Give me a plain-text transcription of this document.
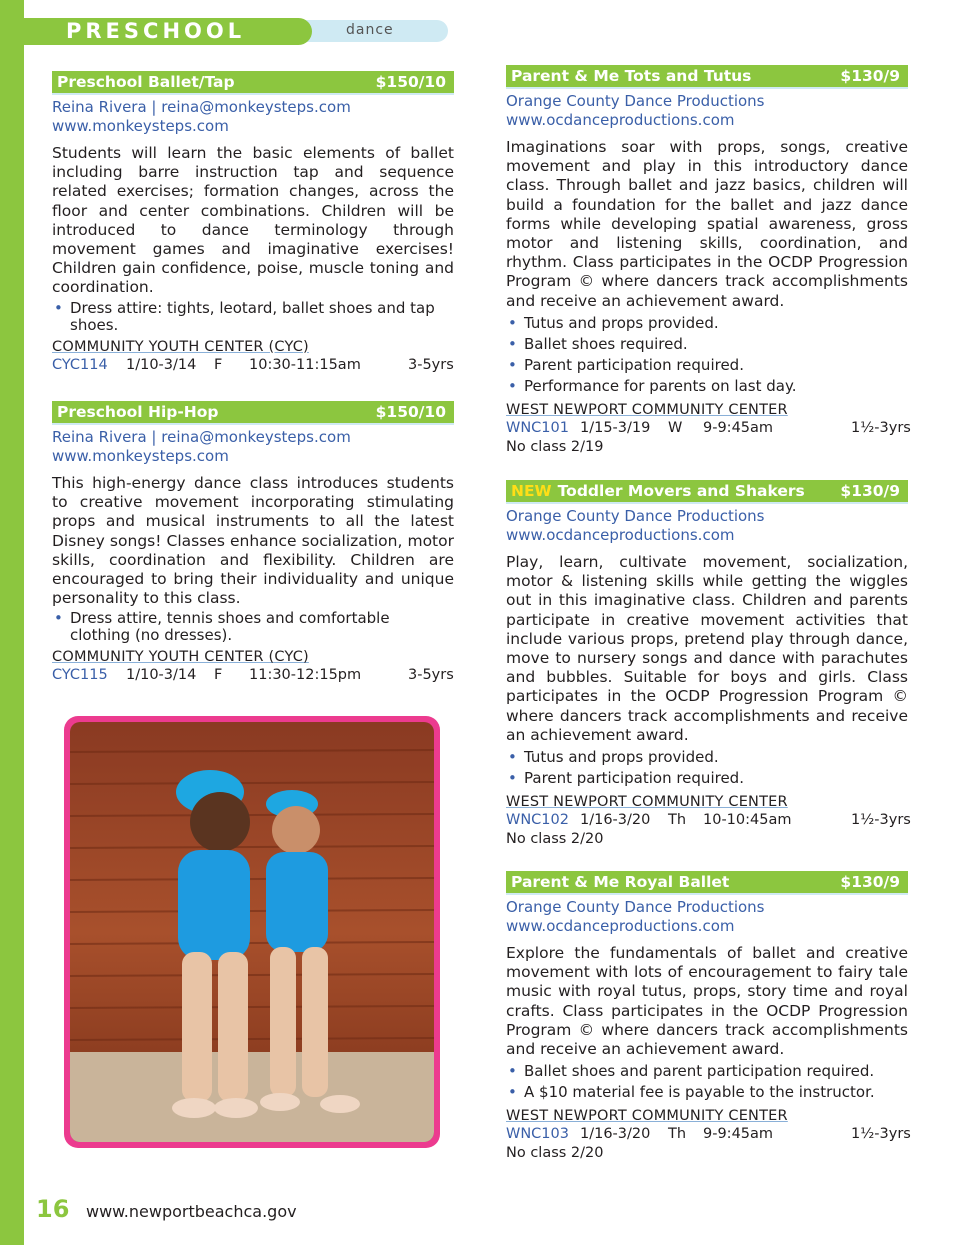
PRESCHOOL	dance
Preschool Ballet/Tap	$150/10
Reina Rivera | reina@monkeysteps.com
www.monkeysteps.com
Students will learn the basic elements of ballet including barre instruction tap and sequence related exercises; formation changes, across the floor and center combinations. Children will be introduced to dance terminology through movement games and imaginative exercises! Children gain confidence, poise, muscle toning and coordination.
• Dress attire: tights, leotard, ballet shoes and tap shoes.
COMMUNITY YOUTH CENTER (CYC)
CYC114 1/10-3/14 F 10:30-11:15am	3-5yrs
Preschool Hip-Hop	$150/10
Reina Rivera | reina@monkeysteps.com
www.monkeysteps.com
This high-energy dance class introduces students to creative movement incorporating stimulating props and musical instruments to all the latest Disney songs! Classes enhance socialization, motor skills, coordination and flexibility. Children are encouraged to bring their individuality and unique personality to this class.
• Dress attire, tennis shoes and comfortable clothing (no dresses).
COMMUNITY YOUTH CENTER (CYC)
CYC115 1/10-3/14 F 11:30-12:15pm	3-5yrs
Parent & Me Tots and Tutus	$130/9
Orange County Dance Productions
www.ocdanceproductions.com
Imaginations soar with props, songs, creative movement and play in this introductory dance class. Through ballet and jazz basics, children will build a foundation for the ballet and jazz dance forms while developing spatial awareness, gross motor and listening skills, coordination, and rhythm. Class participates in the OCDP Progression Program © where dancers track accomplishments and receive an achievement award.
• Tutus and props provided.
• Ballet shoes required.
• Parent participation required.
• Performance for parents on last day.
WEST NEWPORT COMMUNITY CENTER
WNC101 1/15-3/19 W 9-9:45am	1½-3yrs
No class 2/19
NEW Toddler Movers and Shakers $130/9
Orange County Dance Productions
www.ocdanceproductions.com
Play, learn, cultivate movement, socialization, motor & listening skills while getting the wiggles out in this imaginative class. Children and parents participate in creative movement activities that include various props, pretend play through dance, move to nursery songs and dance with parachutes and bubbles. Suitable for boys and girls. Class participates in the OCDP Progression Program © where dancers track accomplishments and receive an achievement award.
• Tutus and props provided.
• Parent participation required.
WEST NEWPORT COMMUNITY CENTER
WNC102 1/16-3/20 Th 10-10:45am	1½-3yrs
No class 2/20
Parent & Me Royal Ballet	$130/9
Orange County Dance Productions
www.ocdanceproductions.com
Explore the fundamentals of ballet and creative movement with lots of encouragement to fairy tale music with royal tutus, props, story time and royal crafts. Class participates in the OCDP Progression Program © where dancers track accomplishments and receive an achievement award.
• Ballet shoes and parent participation required.
• A $10 material fee is payable to the instructor.
WEST NEWPORT COMMUNITY CENTER
WNC103 1/16-3/20 Th 9-9:45am	1½-3yrs
No class 2/20
16 www.newportbeachca.gov
